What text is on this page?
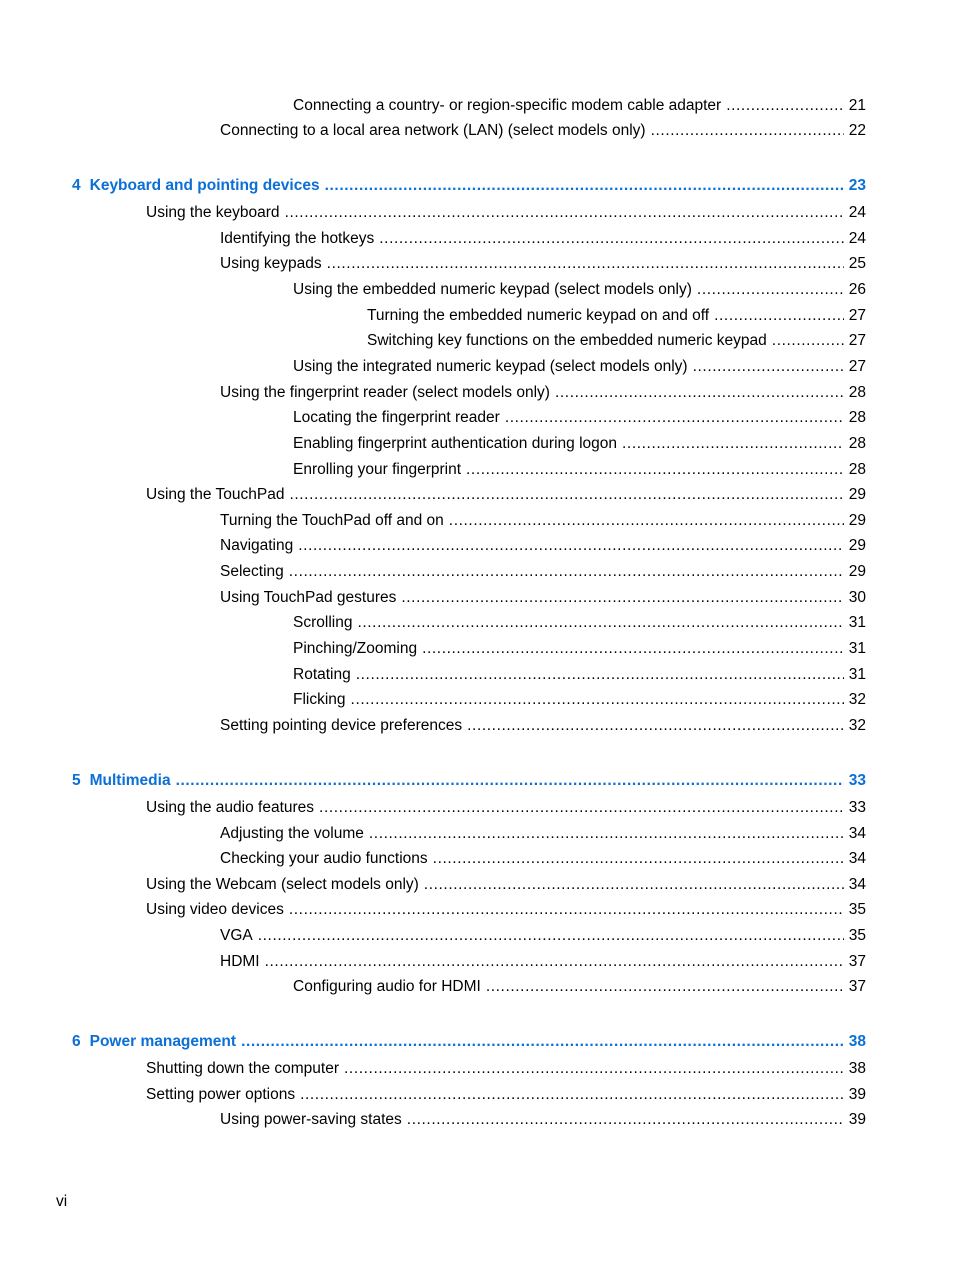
Connecting a country- or region-specific modem cable adapter .....	21
Connecting to a local area network (LAN) (select models only) .....	22
4 Keyboard and pointing devices .....	23
Using the keyboard .....	24
Identifying the hotkeys .....	24
Using keypads .....	25
Using the embedded numeric keypad (select models only) .....	26
Turning the embedded numeric keypad on and off .....	27
Switching key functions on the embedded numeric keypad .....	27
Using the integrated numeric keypad (select models only) .....	27
Using the fingerprint reader (select models only) .....	28
Locating the fingerprint reader .....	28
Enabling fingerprint authentication during logon .....	28
Enrolling your fingerprint .....	28
Using the TouchPad .....	29
Turning the TouchPad off and on .....	29
Navigating .....	29
Selecting .....	29
Using TouchPad gestures .....	30
Scrolling .....	31
Pinching/Zooming .....	31
Rotating .....	31
Flicking .....	32
Setting pointing device preferences .....	32
5 Multimedia .....	33
Using the audio features .....	33
Adjusting the volume .....	34
Checking your audio functions .....	34
Using the Webcam (select models only) .....	34
Using video devices .....	35
VGA .....	35
HDMI .....	37
Configuring audio for HDMI .....	37
6 Power management .....	38
Shutting down the computer .....	38
Setting power options .....	39
Using power-saving states .....	39
vi
